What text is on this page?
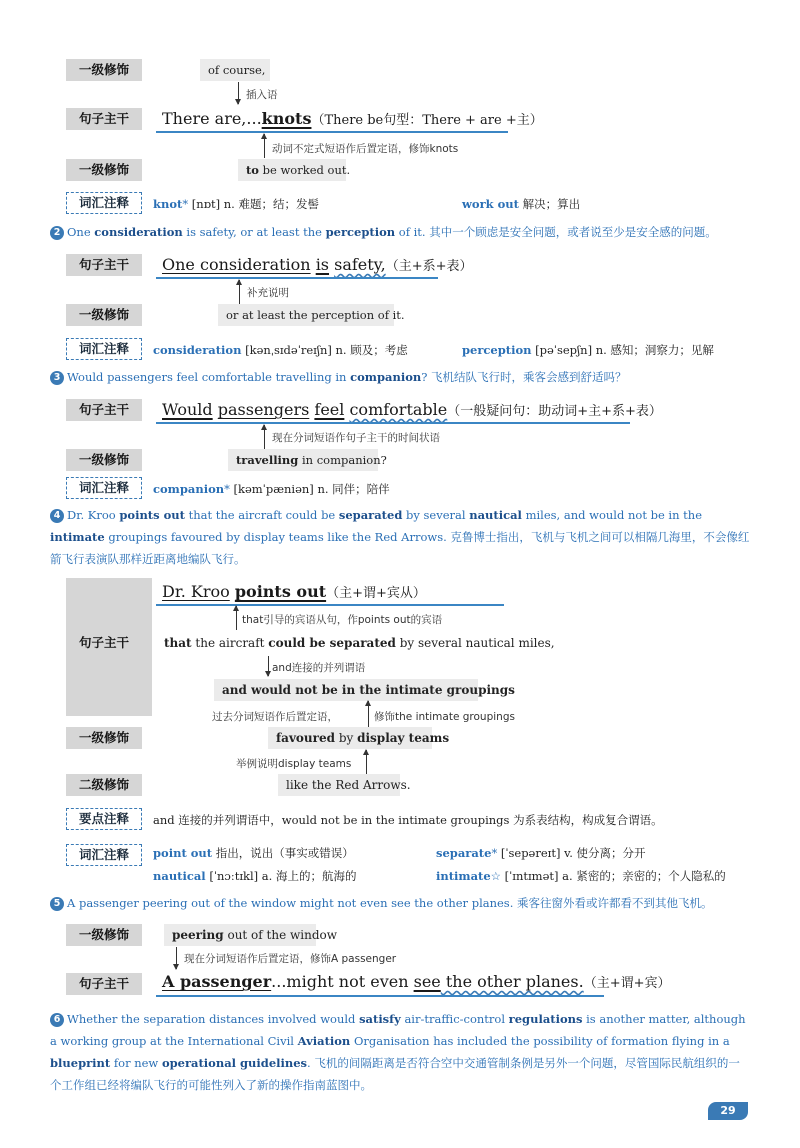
一级修饰	of course,
插入语
句子主干	There are,...knots（There be句型：There + are +主）
动词不定式短语作后置定语，修饰knots
一级修饰	to be worked out.
词汇注释	knot* [nɒt] n. 难题；结；发髻	work out 解决；算出
2 One consideration is safety, or at least the perception of it. 其中一个顾虑是安全问题，或者说至少是安全感的问题。
句子主干	One consideration is safety,（主+系+表）
补充说明
一级修饰	or at least the perception of it.
词汇注释	consideration [kənˌsɪdəˈreɪʃn] n. 顾及；考虑	perception [pəˈsepʃn] n. 感知；洞察力；见解
3 Would passengers feel comfortable travelling in companion? 飞机结队飞行时，乘客会感到舒适吗？
句子主干	Would passengers feel comfortable（一般疑问句：助动词+主+系+表）
现在分词短语作句子主干的时间状语
一级修饰	travelling in companion?
词汇注释	companion* [kəmˈpæniən] n. 同伴；陪伴
4 Dr. Kroo points out that the aircraft could be separated by several nautical miles, and would not be in the intimate groupings favoured by display teams like the Red Arrows. 克鲁博士指出，飞机与飞机之间可以相隔几海里，不会像红箭飞行表演队那样近距离地编队飞行。
句子主干
Dr. Kroo points out（主+谓+宾从）
that引导的宾语从句，作points out的宾语
that the aircraft could be separated by several nautical miles,
and连接的并列谓语
and would not be in the intimate groupings
过去分词短语作后置定语，	修饰the intimate groupings
一级修饰	favoured by display teams
举例说明display teams
二级修饰	like the Red Arrows.
要点注释	and 连接的并列谓语中，would not be in the intimate groupings 为系表结构，构成复合谓语。
词汇注释	point out 指出，说出（事实或错误）	separate* [ˈsepəreɪt] v. 使分离；分开
nautical [ˈnɔːtɪkl] a. 海上的；航海的	intimate☆ [ˈɪntɪmət] a. 紧密的；亲密的；个人隐私的
5 A passenger peering out of the window might not even see the other planes. 乘客往窗外看或许都看不到其他飞机。
一级修饰	peering out of the window
现在分词短语作后置定语，修饰A passenger
句子主干	A passenger...might not even see the other planes.（主+谓+宾）
6 Whether the separation distances involved would satisfy air-traffic-control regulations is another matter, although a working group at the International Civil Aviation Organisation has included the possibility of formation flying in a blueprint for new operational guidelines. 飞机的间隔距离是否符合空中交通管制条例是另外一个问题，尽管国际民航组织的一个工作组已经将编队飞行的可能性列入了新的操作指南蓝图中。
29
